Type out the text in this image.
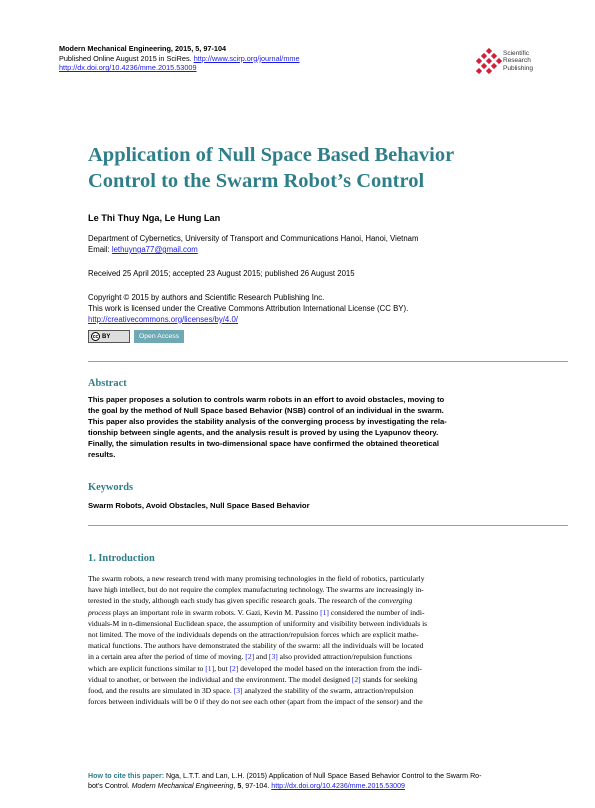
Modern Mechanical Engineering, 2015, 5, 97-104
Published Online August 2015 in SciRes. http://www.scirp.org/journal/mme
http://dx.doi.org/10.4236/mme.2015.53009
Scientific
Research
Publishing
Application of Null Space Based Behavior
Control to the Swarm Robot’s Control
Le Thi Thuy Nga, Le Hung Lan
Department of Cybernetics, University of Transport and Communications Hanoi, Hanoi, Vietnam
Email: lethuynga77@gmail.com
Received 25 April 2015; accepted 23 August 2015; published 26 August 2015
Copyright © 2015 by authors and Scientific Research Publishing Inc.
This work is licensed under the Creative Commons Attribution International License (CC BY).
http://creativecommons.org/licenses/by/4.0/
cc BY	Open Access
Abstract
This paper proposes a solution to controls warm robots in an effort to avoid obstacles, moving to
the goal by the method of Null Space based Behavior (NSB) control of an individual in the swarm.
This paper also provides the stability analysis of the converging process by investigating the rela-
tionship between single agents, and the analysis result is proved by using the Lyapunov theory.
Finally, the simulation results in two-dimensional space have confirmed the obtained theoretical
results.
Keywords
Swarm Robots, Avoid Obstacles, Null Space Based Behavior
1. Introduction
The swarm robots, a new research trend with many promising technologies in the field of robotics, particularly
have high intellect, but do not require the complex manufacturing technology. The swarms are increasingly in-
terested in the study, although each study has given specific research goals. The research of the converging
process plays an important role in swarm robots. V. Gazi, Kevin M. Passino [1] considered the number of indi-
viduals-M in n-dimensional Euclidean space, the assumption of uniformity and visibility between individuals is
not limited. The move of the individuals depends on the attraction/repulsion forces which are explicit mathe-
matical functions. The authors have demonstrated the stability of the swarm: all the individuals will be located
in a certain area after the period of time of moving. [2] and [3] also provided attraction/repulsion functions
which are explicit functions similar to [1], but [2] developed the model based on the interaction from the indi-
vidual to another, or between the individual and the environment. The model designed [2] stands for seeking
food, and the results are simulated in 3D space. [3] analyzed the stability of the swarm, attraction/repulsion
forces between individuals will be 0 if they do not see each other (apart from the impact of the sensor) and the
How to cite this paper: Nga, L.T.T. and Lan, L.H. (2015) Application of Null Space Based Behavior Control to the Swarm Ro-
bot’s Control. Modern Mechanical Engineering, 5, 97-104. http://dx.doi.org/10.4236/mme.2015.53009
